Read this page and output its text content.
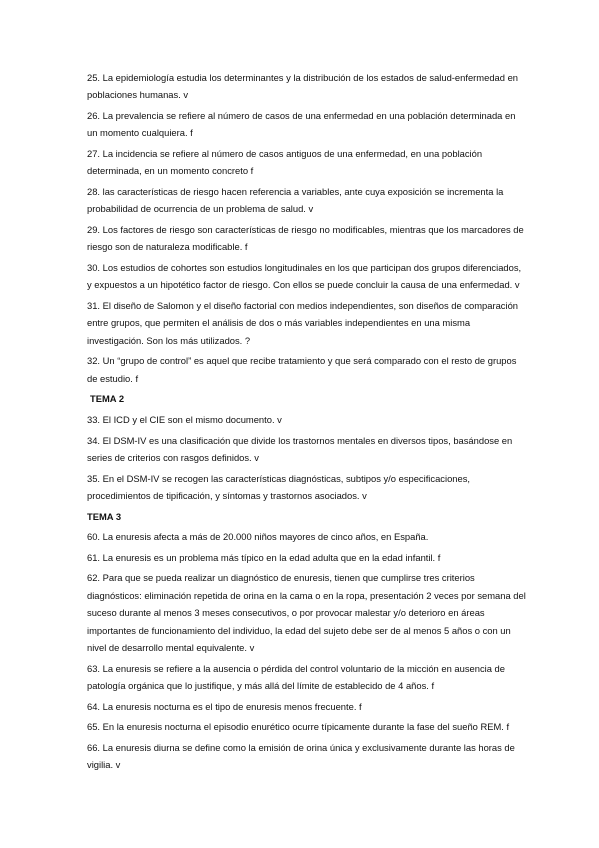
25. La epidemiología estudia los determinantes y la distribución de los estados de salud-enfermedad en poblaciones humanas. v

26. La prevalencia se refiere al número de casos de una enfermedad en una población determinada en un momento cualquiera. f

27. La incidencia se refiere al número de casos antiguos de una enfermedad, en una población determinada, en un momento concreto f

28. las características de riesgo hacen referencia a variables, ante cuya exposición se incrementa la probabilidad de ocurrencia de un problema de salud. v

29. Los factores de riesgo son características de riesgo no modificables, mientras que los marcadores de riesgo son de naturaleza modificable. f

30. Los estudios de cohortes son estudios longitudinales en los que participan dos grupos diferenciados, y expuestos a un hipotético factor de riesgo. Con ellos se puede concluir la causa de una enfermedad. v

31. El diseño de Salomon y el diseño factorial con medios independientes, son diseños de comparación entre grupos, que permiten el análisis de dos o más variables independientes en una misma investigación. Son los más utilizados. ?

32. Un “grupo de control” es aquel que recibe tratamiento y que será comparado con el resto de grupos de estudio. f

TEMA 2

33. El ICD y el CIE son el mismo documento. v

34. El DSM-IV es una clasificación que divide los trastornos mentales en diversos tipos, basándose en series de criterios con rasgos definidos. v

35. En el DSM-IV se recogen las características diagnósticas, subtipos y/o especificaciones, procedimientos de tipificación, y síntomas y trastornos asociados. v

TEMA 3

60. La enuresis afecta a más de 20.000 niños mayores de cinco años, en España.

61. La enuresis es un problema más típico en la edad adulta que en la edad infantil. f

62. Para que se pueda realizar un diagnóstico de enuresis, tienen que cumplirse tres criterios diagnósticos: eliminación repetida de orina en la cama o en la ropa, presentación 2 veces por semana del suceso durante al menos 3 meses consecutivos, o por provocar malestar y/o deterioro en áreas importantes de funcionamiento del individuo, la edad del sujeto debe ser de al menos 5 años o con un nivel de desarrollo mental equivalente. v

63. La enuresis se refiere a la ausencia o pérdida del control voluntario de la micción en ausencia de patología orgánica que lo justifique, y más allá del límite de establecido de 4 años. f

64. La enuresis nocturna es el tipo de enuresis menos frecuente. f

65. En la enuresis nocturna el episodio enurético ocurre típicamente durante la fase del sueño REM. f

66. La enuresis diurna se define como la emisión de orina única y exclusivamente durante las horas de vigilia. v
